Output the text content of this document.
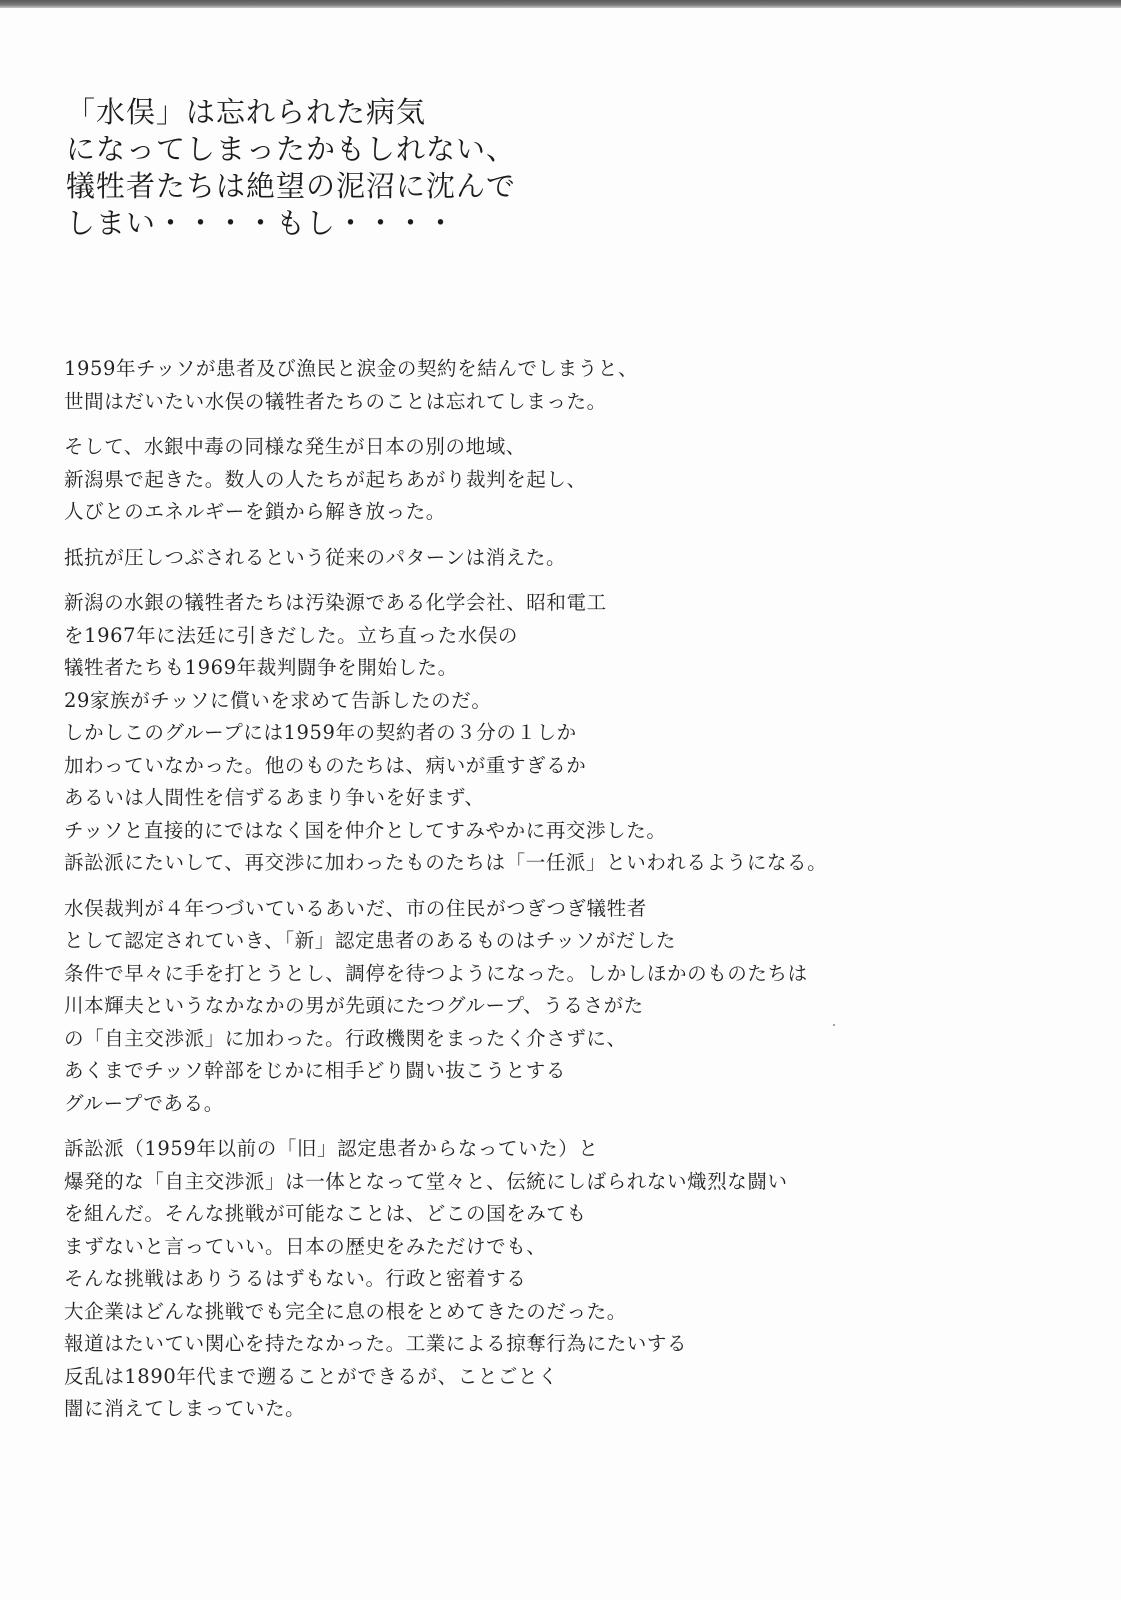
「水俣」は忘れられた病気
になってしまったかもしれない、
犠牲者たちは絶望の泥沼に沈んで
しまい・・・・もし・・・・

1959年チッソが患者及び漁民と涙金の契約を結んでしまうと、
世間はだいたい水俣の犠牲者たちのことは忘れてしまった。

そして、水銀中毒の同様な発生が日本の別の地域、
新潟県で起きた。数人の人たちが起ちあがり裁判を起し、
人びとのエネルギーを鎖から解き放った。

抵抗が圧しつぶされるという従来のパターンは消えた。

新潟の水銀の犠牲者たちは汚染源である化学会社、昭和電工
を1967年に法廷に引きだした。立ち直った水俣の
犠牲者たちも1969年裁判闘争を開始した。
29家族がチッソに償いを求めて告訴したのだ。
しかしこのグループには1959年の契約者の３分の１しか
加わっていなかった。他のものたちは、病いが重すぎるか
あるいは人間性を信ずるあまり争いを好まず、
チッソと直接的にではなく国を仲介としてすみやかに再交渉した。
訴訟派にたいして、再交渉に加わったものたちは「一任派」といわれるようになる。

水俣裁判が４年つづいているあいだ、市の住民がつぎつぎ犠牲者
として認定されていき、「新」認定患者のあるものはチッソがだした
条件で早々に手を打とうとし、調停を待つようになった。しかしほかのものたちは
川本輝夫というなかなかの男が先頭にたつグループ、うるさがた
の「自主交渉派」に加わった。行政機関をまったく介さずに、
あくまでチッソ幹部をじかに相手どり闘い抜こうとする
グループである。

訴訟派（1959年以前の「旧」認定患者からなっていた）と
爆発的な「自主交渉派」は一体となって堂々と、伝統にしばられない熾烈な闘い
を組んだ。そんな挑戦が可能なことは、どこの国をみても
まずないと言っていい。日本の歴史をみただけでも、
そんな挑戦はありうるはずもない。行政と密着する
大企業はどんな挑戦でも完全に息の根をとめてきたのだった。
報道はたいてい関心を持たなかった。工業による掠奪行為にたいする
反乱は1890年代まで遡ることができるが、ことごとく
闇に消えてしまっていた。
